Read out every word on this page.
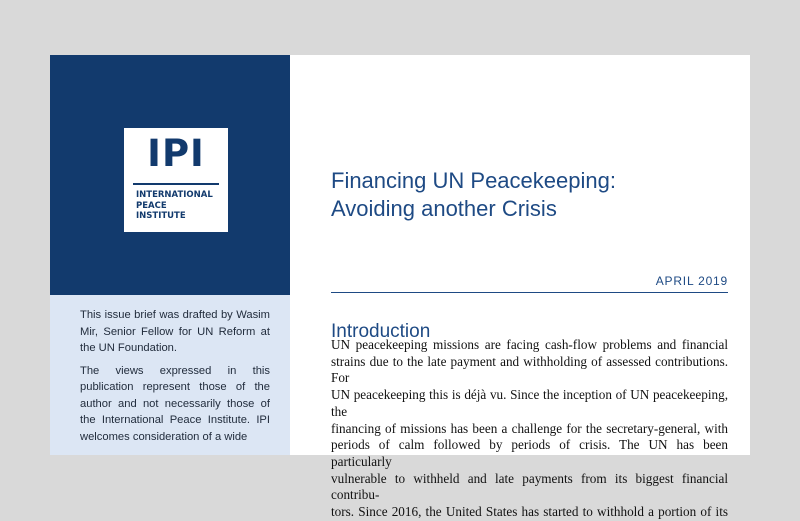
IPI
INTERNATIONAL
PEACE
INSTITUTE

This issue brief was drafted by Wasim Mir, Senior Fellow for UN Reform at the UN Foundation.

The views expressed in this publication represent those of the author and not necessarily those of the International Peace Institute. IPI welcomes consideration of a wide

Financing UN Peacekeeping:
Avoiding another Crisis
APRIL 2019
Introduction
UN peacekeeping missions are facing cash-flow problems and financial
strains due to the late payment and withholding of assessed contributions. For
UN peacekeeping this is déjà vu. Since the inception of UN peacekeeping, the
financing of missions has been a challenge for the secretary-general, with
periods of calm followed by periods of crisis. The UN has been particularly
vulnerable to withheld and late payments from its biggest financial contribu-
tors. Since 2016, the United States has started to withhold a portion of its
